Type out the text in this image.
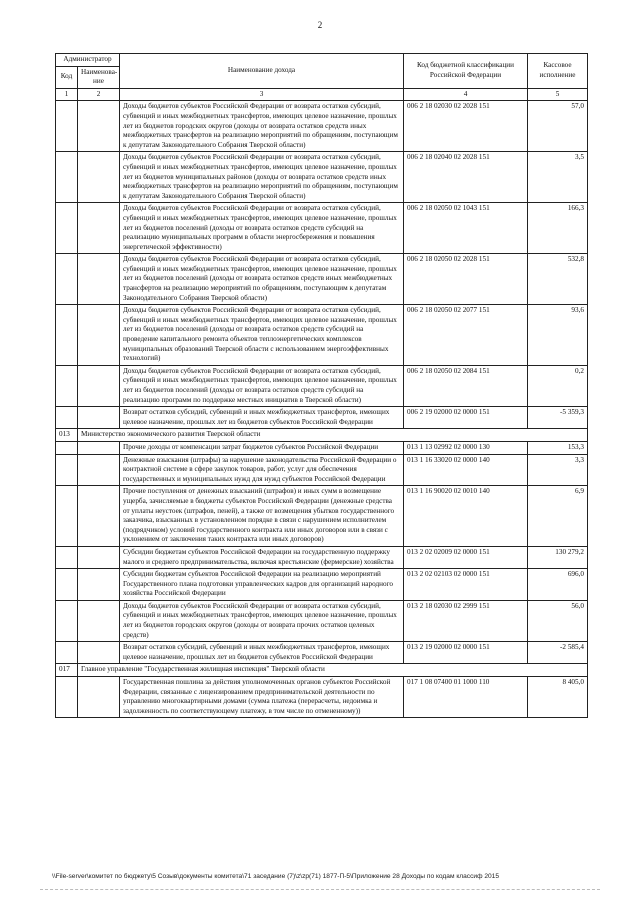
2
Администратор		Наименование дохода	Код бюджетной классификации Российской Федерации	Кассовое исполнение
Код	Наименова-ние			
1	2	3	4	5
		Доходы бюджетов субъектов Российской Федерации от возврата остатков субсидий, субвенций и иных межбюджетных трансфертов, имеющих целевое назначение, прошлых лет из бюджетов городских округов (доходы от возврата остатков средств иных межбюджетных трансфертов на реализацию мероприятий по обращениям, поступающим к депутатам Законодательного Собрания Тверской области)	006 2 18 02030 02 2028 151	57,0
		Доходы бюджетов субъектов Российской Федерации от возврата остатков субсидий, субвенций и иных межбюджетных трансфертов, имеющих целевое назначение, прошлых лет из бюджетов муниципальных районов (доходы от возврата остатков средств иных межбюджетных трансфертов на реализацию мероприятий по обращениям, поступающим к депутатам Законодательного Собрания Тверской области)	006 2 18 02040 02 2028 151	3,5
		Доходы бюджетов субъектов Российской Федерации от возврата остатков субсидий, субвенций и иных межбюджетных трансфертов, имеющих целевое назначение, прошлых лет из бюджетов поселений (доходы от возврата остатков средств субсидий на реализацию муниципальных программ в области энергосбережения и повышения энергетической эффективности)	006 2 18 02050 02 1043 151	166,3
		Доходы бюджетов субъектов Российской Федерации от возврата остатков субсидий, субвенций и иных межбюджетных трансфертов, имеющих целевое назначение, прошлых лет из бюджетов поселений (доходы от возврата остатков средств иных межбюджетных трансфертов на реализацию мероприятий по обращениям, поступающим к депутатам Законодательного Собрания Тверской области)	006 2 18 02050 02 2028 151	532,8
		Доходы бюджетов субъектов Российской Федерации от возврата остатков субсидий, субвенций и иных межбюджетных трансфертов, имеющих целевое назначение, прошлых лет из бюджетов поселений (доходы от возврата остатков средств субсидий на проведение капитального ремонта объектов теплоэнергетических комплексов муниципальных образований Тверской области с использованием энергоэффективных технологий)	006 2 18 02050 02 2077 151	93,6
		Доходы бюджетов субъектов Российской Федерации от возврата остатков субсидий, субвенций и иных межбюджетных трансфертов, имеющих целевое назначение, прошлых лет из бюджетов поселений (доходы от возврата остатков средств субсидий на реализацию программ по поддержке местных инициатив в Тверской области)	006 2 18 02050 02 2084 151	0,2
		Возврат остатков субсидий, субвенций и иных межбюджетных трансфертов, имеющих целевое назначение, прошлых лет из бюджетов субъектов Российской Федерации	006 2 19 02000 02 0000 151	-5 359,3
013	Министерство экономического развития Тверской области			
		Прочие доходы от компенсации затрат бюджетов субъектов Российской Федерации	013 1 13 02992 02 0000 130	153,3
		Денежные взыскания (штрафы) за нарушение законодательства Российской Федерации о контрактной системе в сфере закупок товаров, работ, услуг для обеспечения государственных и муниципальных нужд для нужд субъектов Российской Федерации	013 1 16 33020 02 0000 140	3,3
		Прочие поступления от денежных взысканий (штрафов) и иных сумм в возмещение ущерба, зачисляемые в бюджеты субъектов Российской Федерации (денежные средства от уплаты неустоек (штрафов, пеней), а также от возмещения убытков государственного заказчика, взысканных в установленном порядке в связи с нарушением исполнителем (подрядчиком) условий государственного контракта или иных договоров или в связи с уклонением от заключения таких контракта или иных договоров)	013 1 16 90020 02 0010 140	6,9
		Субсидии бюджетам субъектов Российской Федерации на государственную поддержку малого и среднего предпринимательства, включая крестьянские (фермерские) хозяйства	013 2 02 02009 02 0000 151	130 279,2
		Субсидии бюджетам субъектов Российской Федерации на реализацию мероприятий Государственного плана подготовки управленческих кадров для организаций народного хозяйства Российской Федерации	013 2 02 02103 02 0000 151	696,0
		Доходы бюджетов субъектов Российской Федерации от возврата остатков субсидий, субвенций и иных межбюджетных трансфертов, имеющих целевое назначение, прошлых лет из бюджетов городских округов (доходы от возврата прочих остатков целевых средств)	013 2 18 02030 02 2999 151	56,0
		Возврат остатков субсидий, субвенций и иных межбюджетных трансфертов, имеющих целевое назначение, прошлых лет из бюджетов субъектов Российской Федерации	013 2 19 02000 02 0000 151	-2 585,4
017	Главное управление "Государственная жилищная инспекция" Тверской области			
		Государственная пошлина за действия уполномоченных органов субъектов Российской Федерации, связанные с лицензированием предпринимательской деятельности по управлению многоквартирными домами (сумма платежа (перерасчеты, недоимка и задолженность по соответствующему платежу, в том числе по отмененному))	017 1 08 07400 01 1000 110	8 405,0
\\File-server\комитет по бюджету\5 Созыв\документы комитета\71 заседание (7)\z\zp(71) 1877-П-5\Приложение 28 Доходы по кодам классиф 2015
